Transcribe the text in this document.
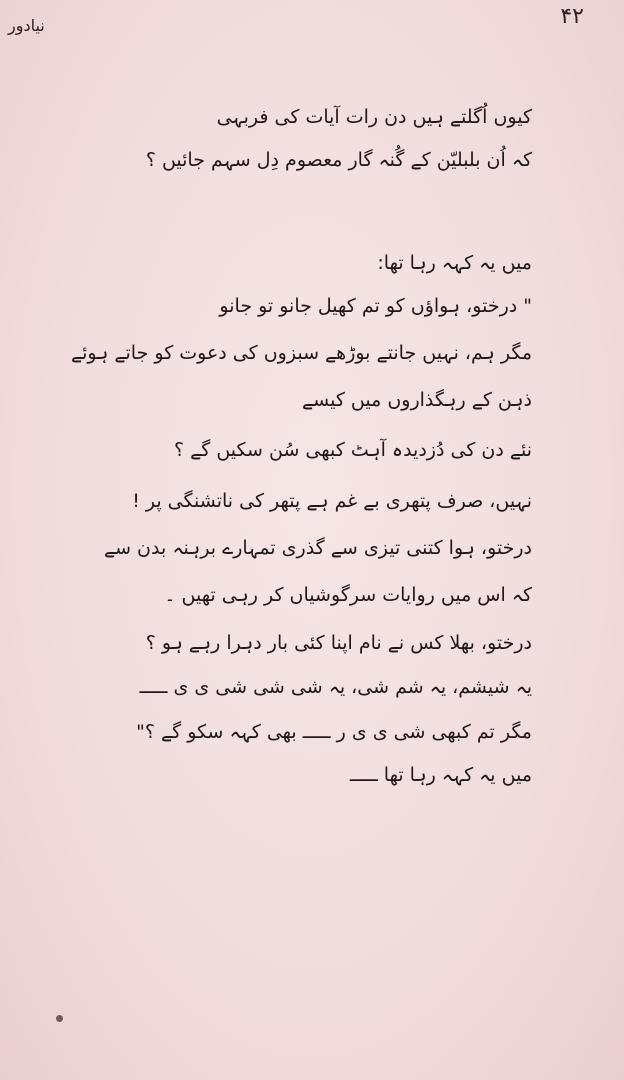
نیادور	۴۲
کیوں اُگلتے ہیں دن رات آیات کی فربہی
کہ اُن بلبلیّن کے گُنہ گار معصوم دِل سہم جائیں ؟
میں یہ کہہ رہا تھا:
" درختو، ہواؤں کو تم کھیل جانو تو جانو
مگر ہم، نہیں جانتے بوڑھے سبزوں کی دعوت کو جاتے ہوئے
ذہن کے رہگذاروں میں کیسے
نئے دن کی دُزدیدہ آہٹ کبھی سُن سکیں گے ؟
نہیں، صرف پتھری بے غم ہے پتھر کی ناتشنگی پر !
درختو، ہوا کتنی تیزی سے گذری تمہارے برہنہ بدن سے
کہ اس میں روایات سرگوشیاں کر رہی تھیں ۔
درختو، بھلا کس نے نام اپنا کئی بار دہرا رہے ہو ؟
یہ شیشم، یہ شم شی، یہ شی شی شی ی ی ـــــ
مگر تم کبھی شی ی ی ر ـــــ بھی کہہ سکو گے ؟"
میں یہ کہہ رہا تھا ـــــ
